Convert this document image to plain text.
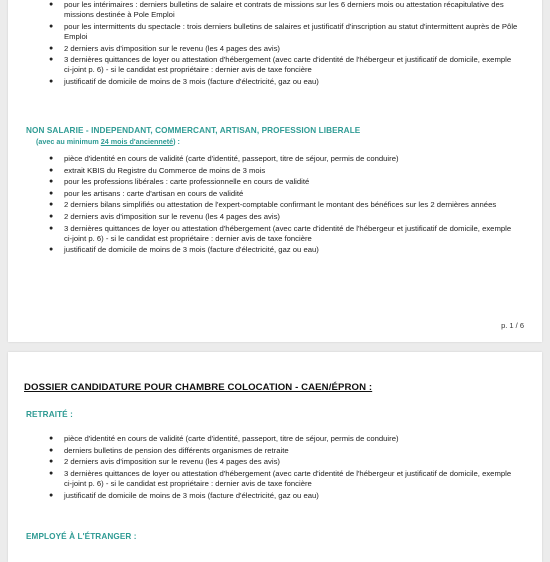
● pour les intérimaires : derniers bulletins de salaire et contrats de missions sur les 6 derniers mois ou attestation récapitulative des missions destinée à Pole Emploi
● pour les intermittents du spectacle : trois derniers bulletins de salaires et justificatif d'inscription au statut d'intermittent auprès de Pôle Emploi
● 2 derniers avis d'imposition sur le revenu (les 4 pages des avis)
● 3 dernières quittances de loyer ou attestation d'hébergement (avec carte d'identité de l'hébergeur et justificatif de domicile, exemple ci-joint p. 6) - si le candidat est propriétaire : dernier avis de taxe foncière
● justificatif de domicile de moins de 3 mois (facture d'électricité, gaz ou eau)
NON SALARIE - INDEPENDANT, COMMERCANT, ARTISAN, PROFESSION LIBERALE
(avec au minimum 24 mois d'ancienneté) :
● pièce d'identité en cours de validité (carte d'identité, passeport, titre de séjour, permis de conduire)
● extrait KBIS du Registre du Commerce de moins de 3 mois
● pour les professions libérales : carte professionnelle en cours de validité
● pour les artisans : carte d'artisan en cours de validité
● 2 derniers bilans simplifiés ou attestation de l'expert-comptable confirmant le montant des bénéfices sur les 2 dernières années
● 2 derniers avis d'imposition sur le revenu (les 4 pages des avis)
● 3 dernières quittances de loyer ou attestation d'hébergement (avec carte d'identité de l'hébergeur et justificatif de domicile, exemple ci-joint p. 6) - si le candidat est propriétaire : dernier avis de taxe foncière
● justificatif de domicile de moins de 3 mois (facture d'électricité, gaz ou eau)
p. 1 / 6
DOSSIER CANDIDATURE POUR CHAMBRE COLOCATION - CAEN/ÉPRON :
RETRAITÉ :
● pièce d'identité en cours de validité (carte d'identité, passeport, titre de séjour, permis de conduire)
● derniers bulletins de pension des différents organismes de retraite
● 2 derniers avis d'imposition sur le revenu (les 4 pages des avis)
● 3 dernières quittances de loyer ou attestation d'hébergement (avec carte d'identité de l'hébergeur et justificatif de domicile, exemple ci-joint p. 6) - si le candidat est propriétaire : dernier avis de taxe foncière
● justificatif de domicile de moins de 3 mois (facture d'électricité, gaz ou eau)
EMPLOYÉ À L'ÉTRANGER :
